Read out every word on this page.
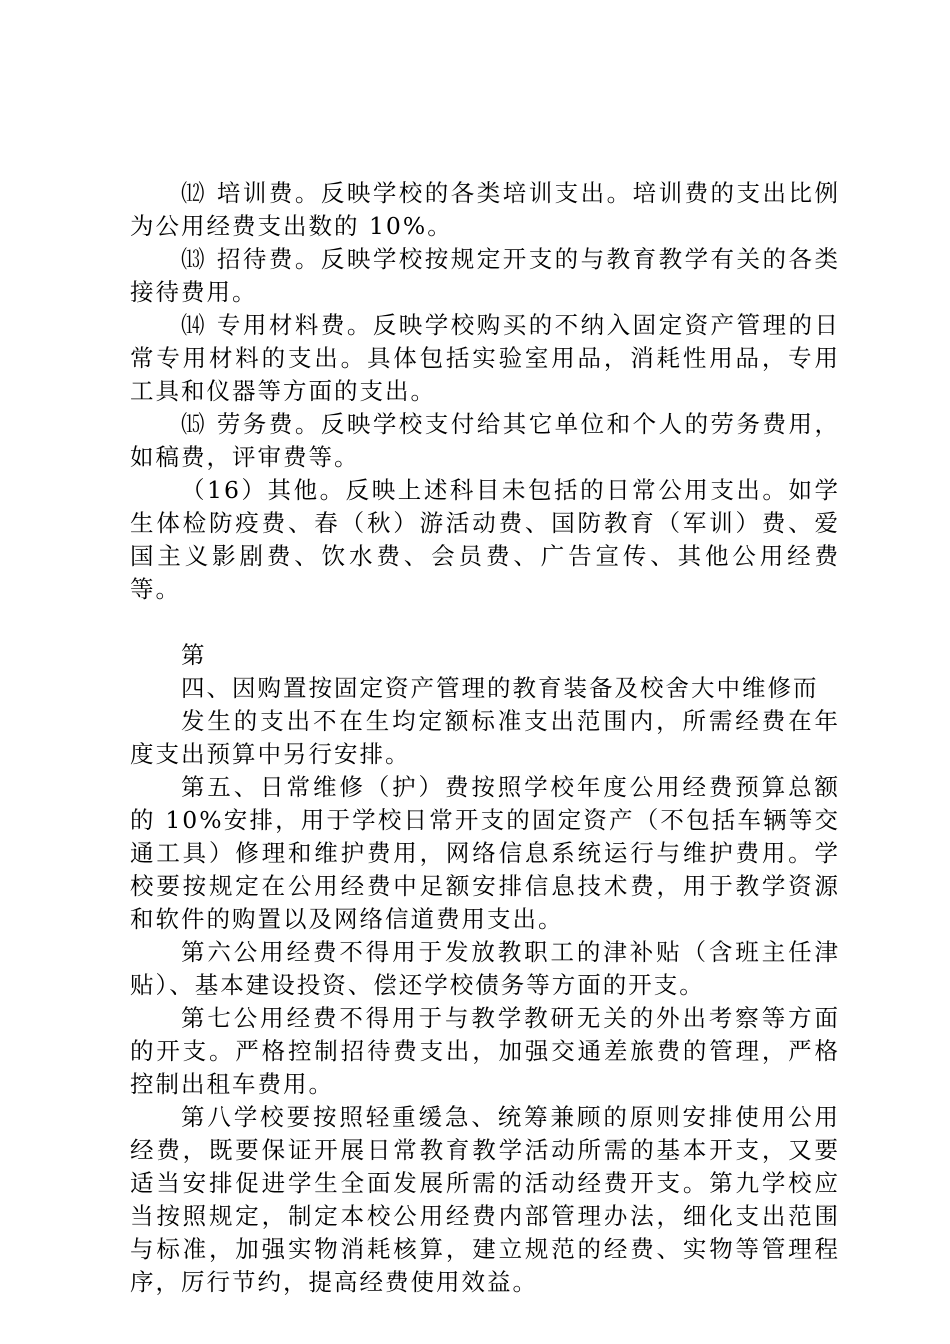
⑿ 培训费。反映学校的各类培训支出。培训费的支出比例为公用经费支出数的 10%。

⒀ 招待费。反映学校按规定开支的与教育教学有关的各类接待费用。

⒁ 专用材料费。反映学校购买的不纳入固定资产管理的日常专用材料的支出。具体包括实验室用品，消耗性用品，专用工具和仪器等方面的支出。

⒂ 劳务费。反映学校支付给其它单位和个人的劳务费用，如稿费，评审费等。

（16）其他。反映上述科目未包括的日常公用支出。如学生体检防疫费、春（秋）游活动费、国防教育（军训）费、爱国主义影剧费、饮水费、会员费、广告宣传、其他公用经费等。

第

四、因购置按固定资产管理的教育装备及校舍大中维修而

发生的支出不在生均定额标准支出范围内，所需经费在年度支出预算中另行安排。

第五、日常维修（护）费按照学校年度公用经费预算总额的 10%安排，用于学校日常开支的固定资产（不包括车辆等交通工具）修理和维护费用，网络信息系统运行与维护费用。学校要按规定在公用经费中足额安排信息技术费，用于教学资源和软件的购置以及网络信道费用支出。

第六公用经费不得用于发放教职工的津补贴（含班主任津贴）、基本建设投资、偿还学校债务等方面的开支。

第七公用经费不得用于与教学教研无关的外出考察等方面的开支。严格控制招待费支出，加强交通差旅费的管理，严格控制出租车费用。

第八学校要按照轻重缓急、统筹兼顾的原则安排使用公用经费，既要保证开展日常教育教学活动所需的基本开支，又要适当安排促进学生全面发展所需的活动经费开支。第九学校应当按照规定，制定本校公用经费内部管理办法，细化支出范围与标准，加强实物消耗核算，建立规范的经费、实物等管理程序，厉行节约，提高经费使用效益。
